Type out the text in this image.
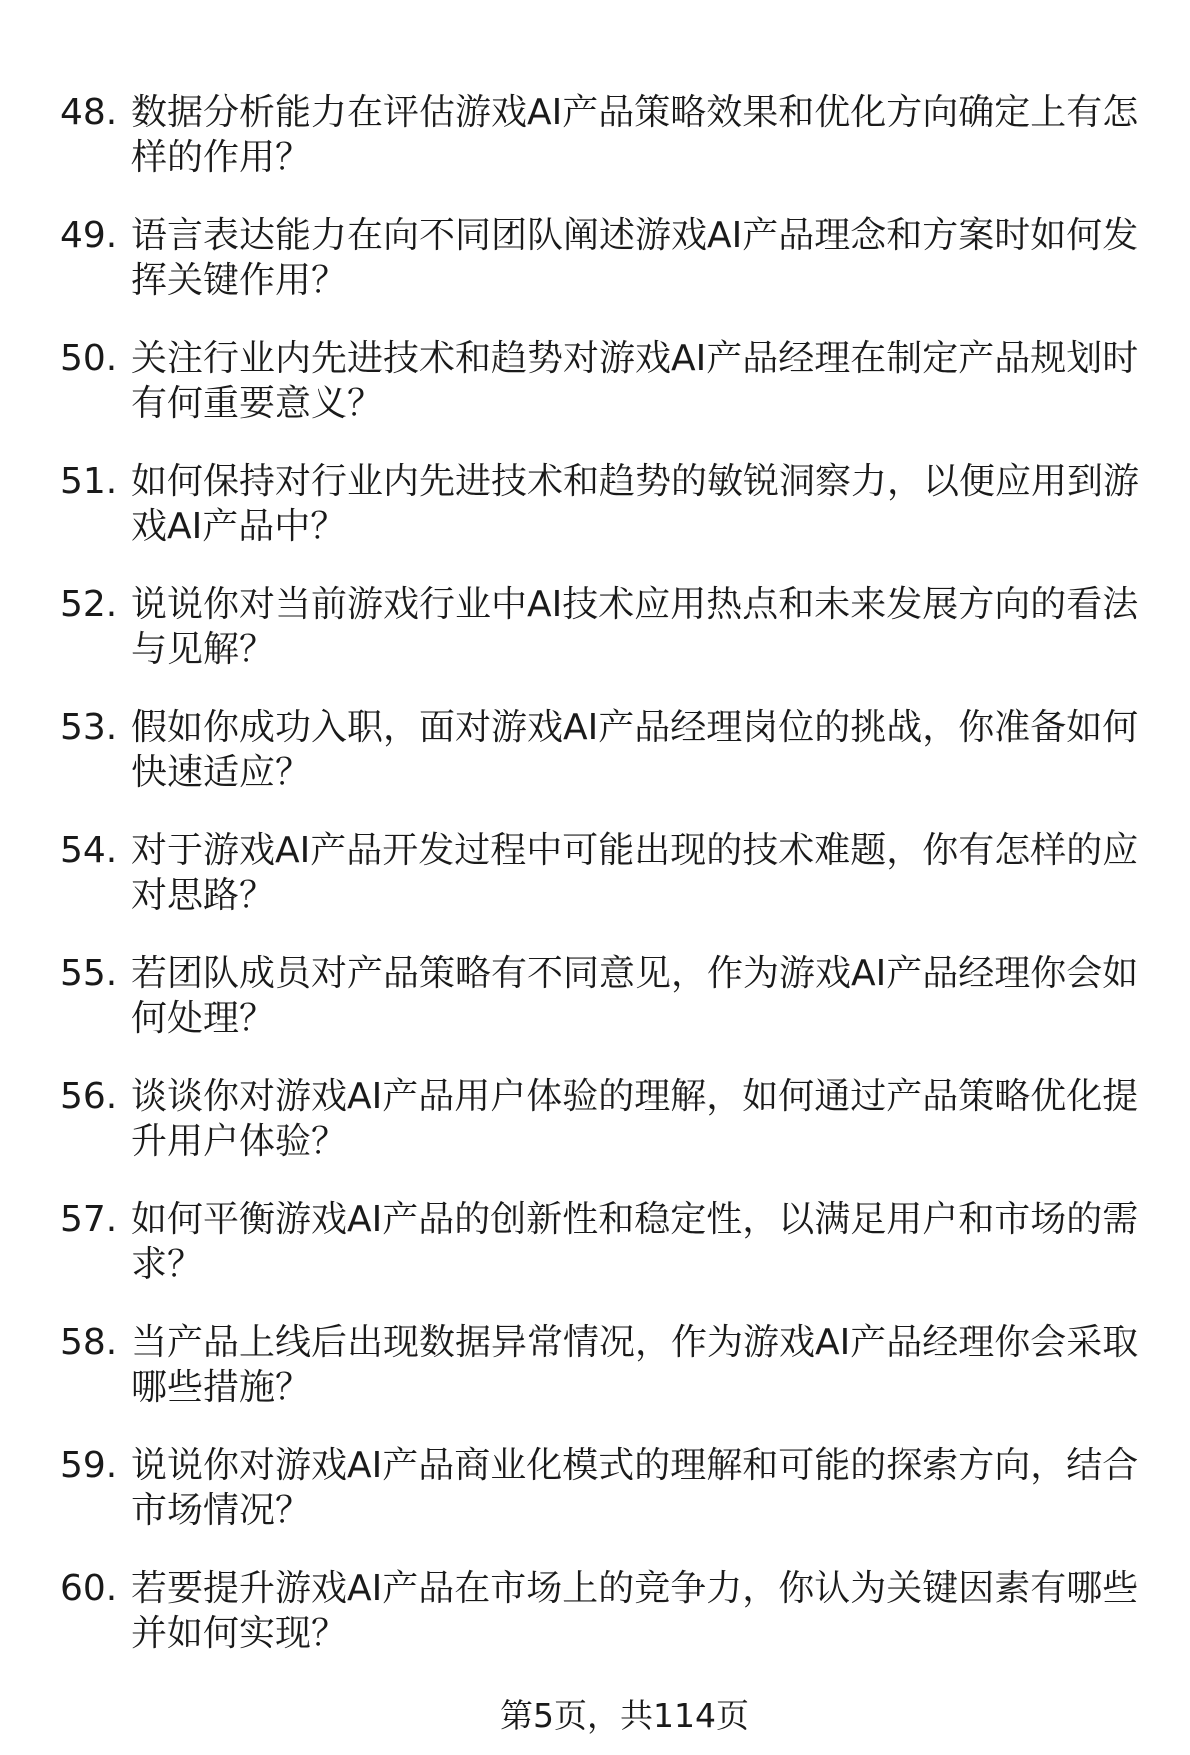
48. 数据分析能力在评估游戏AI产品策略效果和优化方向确定上有怎
样的作用？
49. 语言表达能力在向不同团队阐述游戏AI产品理念和方案时如何发
挥关键作用？
50. 关注行业内先进技术和趋势对游戏AI产品经理在制定产品规划时
有何重要意义？
51. 如何保持对行业内先进技术和趋势的敏锐洞察力，以便应用到游
戏AI产品中？
52. 说说你对当前游戏行业中AI技术应用热点和未来发展方向的看法
与见解？
53. 假如你成功入职，面对游戏AI产品经理岗位的挑战，你准备如何
快速适应？
54. 对于游戏AI产品开发过程中可能出现的技术难题，你有怎样的应
对思路？
55. 若团队成员对产品策略有不同意见，作为游戏AI产品经理你会如
何处理？
56. 谈谈你对游戏AI产品用户体验的理解，如何通过产品策略优化提
升用户体验？
57. 如何平衡游戏AI产品的创新性和稳定性，以满足用户和市场的需
求？
58. 当产品上线后出现数据异常情况，作为游戏AI产品经理你会采取
哪些措施？
59. 说说你对游戏AI产品商业化模式的理解和可能的探索方向，结合
市场情况？
60. 若要提升游戏AI产品在市场上的竞争力，你认为关键因素有哪些
并如何实现？
第5页，共114页
